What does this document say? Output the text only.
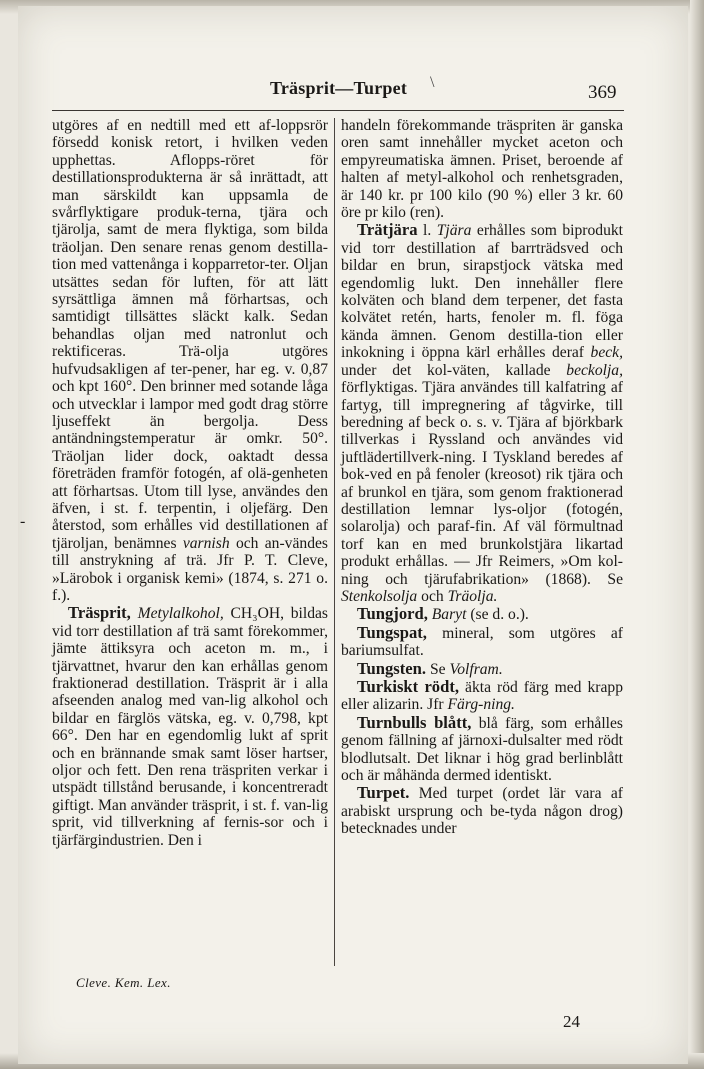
Träsprit—Turpet \	369
-

utgöres af en nedtill med ett af-loppsrör försedd konisk retort, i hvilken veden upphettas. Aflopps-röret för destillationsprodukterna är så inrättadt, att man särskildt kan uppsamla de svårflyktigare produk-terna, tjära och tjärolja, samt de mera flyktiga, som bilda träoljan. Den senare renas genom destilla-tion med vattenånga i kopparretor-ter. Oljan utsättes sedan för luften, för att lätt syrsättliga ämnen må förhartsas, och samtidigt tillsättes släckt kalk. Sedan behandlas oljan med natronlut och rektificeras. Trä-olja utgöres hufvudsakligen af ter-pener, har eg. v. 0,87 och kpt 160°. Den brinner med sotande låga och utvecklar i lampor med godt drag större ljuseffekt än bergolja. Dess antändningstemperatur är omkr. 50°. Träoljan lider dock, oaktadt dessa företräden framför fotogén, af olä-genheten att förhartsas. Utom till lyse, användes den äfven, i st. f. terpentin, i oljefärg. Den återstod, som erhålles vid destillationen af tjäroljan, benämnes varnish och an-vändes till anstrykning af trä. Jfr P. T. Cleve, »Lärobok i organisk kemi» (1874, s. 271 o. f.).

Träsprit, Metylalkohol, CH₃OH, bildas vid torr destillation af trä samt förekommer, jämte ättiksyra och aceton m. m., i tjärvattnet, hvarur den kan erhållas genom fraktionerad destillation. Träsprit är i alla afseenden analog med van-lig alkohol och bildar en färglös vätska, eg. v. 0,798, kpt 66°. Den har en egendomlig lukt af sprit och en brännande smak samt löser hartser, oljor och fett. Den rena träspriten verkar i utspädt tillstånd berusande, i koncentreradt giftigt. Man använder träsprit, i st. f. van-lig sprit, vid tillverkning af fernis-sor och i tjärfärgindustrien. Den i

handeln förekommande träspriten är ganska oren samt innehåller mycket aceton och empyreumatiska ämnen. Priset, beroende af halten af metyl-alkohol och renhetsgraden, är 140 kr. pr 100 kilo (90 %) eller 3 kr. 60 öre pr kilo (ren).

Trätjära l. Tjära erhålles som biprodukt vid torr destillation af barrträdsved och bildar en brun, sirapstjock vätska med egendomlig lukt. Den innehåller flere kolväten och bland dem terpener, det fasta kolvätet retén, harts, fenoler m. fl. föga kända ämnen. Genom destilla-tion eller inkokning i öppna kärl erhålles deraf beck, under det kol-väten, kallade beckolja, förflyktigas. Tjära användes till kalfatring af fartyg, till impregnering af tågvirke, till beredning af beck o. s. v. Tjära af björkbark tillverkas i Ryssland och användes vid juftlädertillverk-ning. I Tyskland beredes af bok-ved en på fenoler (kreosot) rik tjära och af brunkol en tjära, som genom fraktionerad destillation lemnar lys-oljor (fotogén, solarolja) och paraf-fin. Af väl förmultnad torf kan en med brunkolstjära likartad produkt erhållas. — Jfr Reimers, »Om kol-ning och tjärufabrikation» (1868). Se Stenkolsolja och Träolja.

Tungjord, Baryt (se d. o.).

Tungspat, mineral, som utgöres af bariumsulfat.

Tungsten. Se Volfram.

Turkiskt rödt, äkta röd färg med krapp eller alizarin. Jfr Färg-ning.

Turnbulls blått, blå färg, som erhålles genom fällning af järnoxi-dulsalter med rödt blodlutsalt. Det liknar i hög grad berlinblått och är måhända dermed identiskt.

Turpet. Med turpet (ordet lär vara af arabiskt ursprung och be-tyda någon drog) betecknades under

Cleve. Kem. Lex.
24
